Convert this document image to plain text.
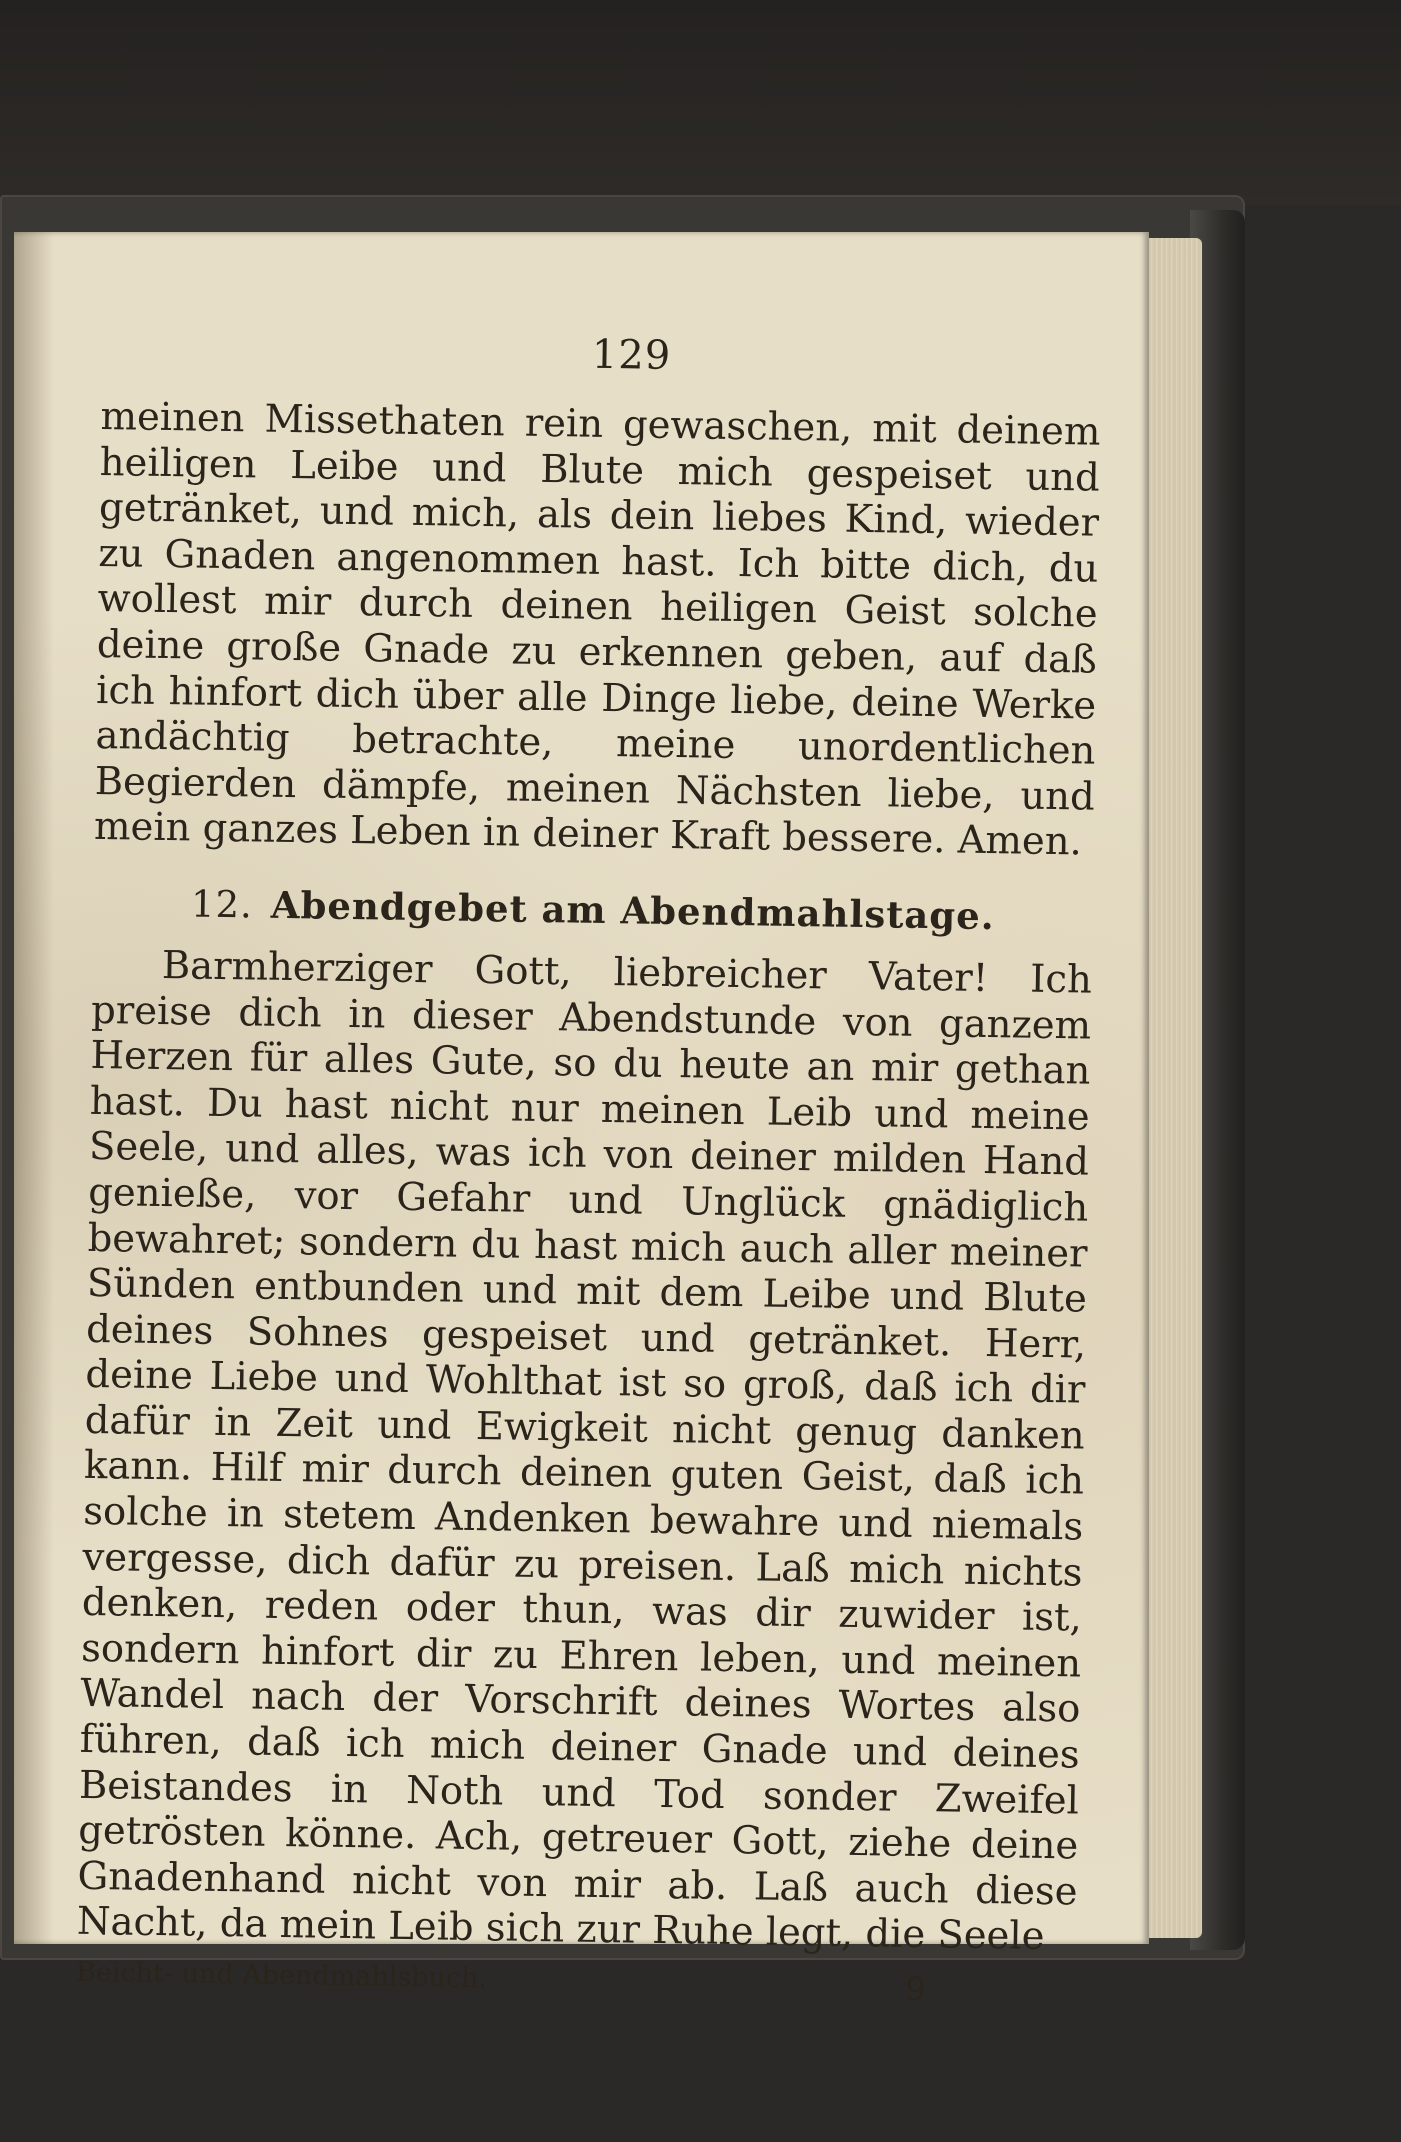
129

meinen Missethaten rein gewaschen, mit deinem heiligen Leibe und Blute mich gespeiset und getränket, und mich, als dein liebes Kind, wieder zu Gnaden angenommen hast. Ich bitte dich, du wollest mir durch deinen heiligen Geist solche deine große Gnade zu erkennen geben, auf daß ich hinfort dich über alle Dinge liebe, deine Werke andächtig betrachte, meine unordentlichen Begierden dämpfe, meinen Nächsten liebe, und mein ganzes Leben in deiner Kraft bessere. Amen.

12. Abendgebet am Abendmahlstage.

Barmherziger Gott, liebreicher Vater! Ich preise dich in dieser Abendstunde von ganzem Herzen für alles Gute, so du heute an mir gethan hast. Du hast nicht nur meinen Leib und meine Seele, und alles, was ich von deiner milden Hand genieße, vor Gefahr und Unglück gnädiglich bewahret; sondern du hast mich auch aller meiner Sünden entbunden und mit dem Leibe und Blute deines Sohnes gespeiset und getränket. Herr, deine Liebe und Wohlthat ist so groß, daß ich dir dafür in Zeit und Ewigkeit nicht genug danken kann. Hilf mir durch deinen guten Geist, daß ich solche in stetem Andenken bewahre und niemals vergesse, dich dafür zu preisen. Laß mich nichts denken, reden oder thun, was dir zuwider ist, sondern hinfort dir zu Ehren leben, und meinen Wandel nach der Vorschrift deines Wortes also führen, daß ich mich deiner Gnade und deines Beistandes in Noth und Tod sonder Zweifel getrösten könne. Ach, getreuer Gott, ziehe deine Gnadenhand nicht von mir ab. Laß auch diese Nacht, da mein Leib sich zur Ruhe legt, die Seele

Beicht- und Abendmahlsbuch.	9
